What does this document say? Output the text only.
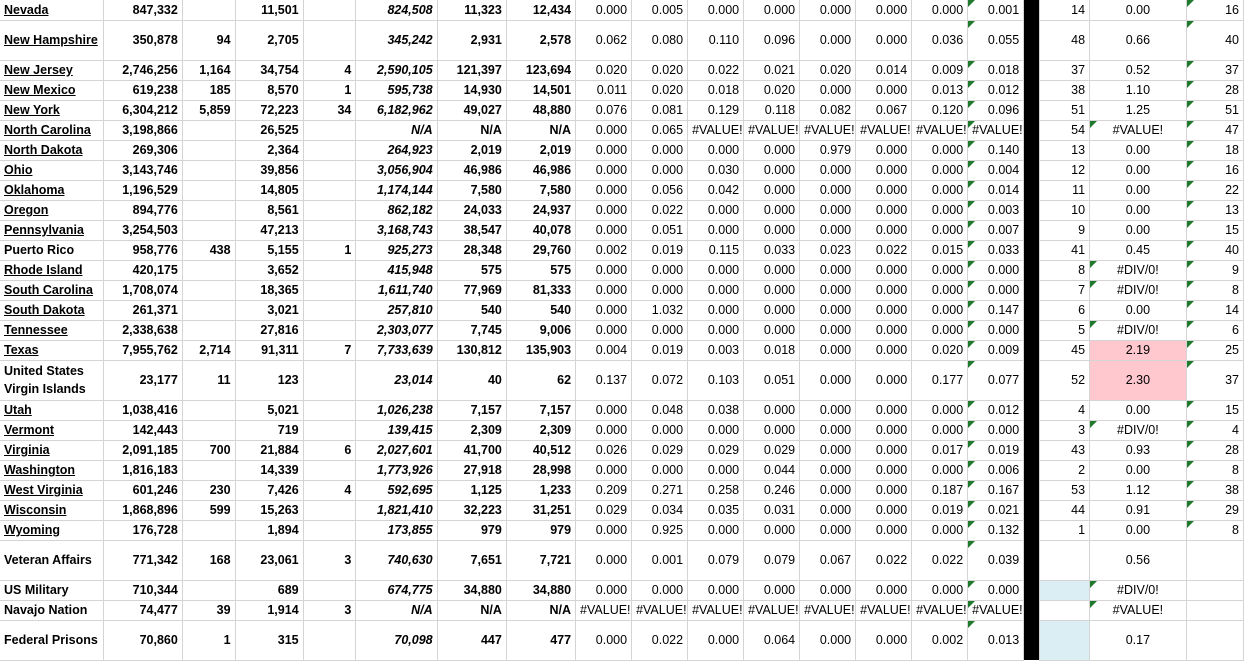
Nevada	847,332		11,501		824,508	11,323	12,434	0.000	0.005	0.000	0.000	0.000	0.000	0.000	0.001		14	0.00	16
New Hampshire	350,878	94	2,705		345,242	2,931	2,578	0.062	0.080	0.110	0.096	0.000	0.000	0.036	0.055		48	0.66	40
New Jersey	2,746,256	1,164	34,754	4	2,590,105	121,397	123,694	0.020	0.020	0.022	0.021	0.020	0.014	0.009	0.018		37	0.52	37
New Mexico	619,238	185	8,570	1	595,738	14,930	14,501	0.011	0.020	0.018	0.020	0.000	0.000	0.013	0.012		38	1.10	28
New York	6,304,212	5,859	72,223	34	6,182,962	49,027	48,880	0.076	0.081	0.129	0.118	0.082	0.067	0.120	0.096		51	1.25	51
North Carolina	3,198,866		26,525		N/A	N/A	N/A	0.000	0.065	#VALUE!	#VALUE!	#VALUE!	#VALUE!	#VALUE!	#VALUE!		54	#VALUE!	47
North Dakota	269,306		2,364		264,923	2,019	2,019	0.000	0.000	0.000	0.000	0.979	0.000	0.000	0.140		13	0.00	18
Ohio	3,143,746		39,856		3,056,904	46,986	46,986	0.000	0.000	0.030	0.000	0.000	0.000	0.000	0.004		12	0.00	16
Oklahoma	1,196,529		14,805		1,174,144	7,580	7,580	0.000	0.056	0.042	0.000	0.000	0.000	0.000	0.014		11	0.00	22
Oregon	894,776		8,561		862,182	24,033	24,937	0.000	0.022	0.000	0.000	0.000	0.000	0.000	0.003		10	0.00	13
Pennsylvania	3,254,503		47,213		3,168,743	38,547	40,078	0.000	0.051	0.000	0.000	0.000	0.000	0.000	0.007		9	0.00	15
Puerto Rico	958,776	438	5,155	1	925,273	28,348	29,760	0.002	0.019	0.115	0.033	0.023	0.022	0.015	0.033		41	0.45	40
Rhode Island	420,175		3,652		415,948	575	575	0.000	0.000	0.000	0.000	0.000	0.000	0.000	0.000		8	#DIV/0!	9
South Carolina	1,708,074		18,365		1,611,740	77,969	81,333	0.000	0.000	0.000	0.000	0.000	0.000	0.000	0.000		7	#DIV/0!	8
South Dakota	261,371		3,021		257,810	540	540	0.000	1.032	0.000	0.000	0.000	0.000	0.000	0.147		6	0.00	14
Tennessee	2,338,638		27,816		2,303,077	7,745	9,006	0.000	0.000	0.000	0.000	0.000	0.000	0.000	0.000		5	#DIV/0!	6
Texas	7,955,762	2,714	91,311	7	7,733,639	130,812	135,903	0.004	0.019	0.003	0.018	0.000	0.000	0.020	0.009		45	2.19	25
United States Virgin Islands	23,177	11	123		23,014	40	62	0.137	0.072	0.103	0.051	0.000	0.000	0.177	0.077		52	2.30	37
Utah	1,038,416		5,021		1,026,238	7,157	7,157	0.000	0.048	0.038	0.000	0.000	0.000	0.000	0.012		4	0.00	15
Vermont	142,443		719		139,415	2,309	2,309	0.000	0.000	0.000	0.000	0.000	0.000	0.000	0.000		3	#DIV/0!	4
Virginia	2,091,185	700	21,884	6	2,027,601	41,700	40,512	0.026	0.029	0.029	0.029	0.000	0.000	0.017	0.019		43	0.93	28
Washington	1,816,183		14,339		1,773,926	27,918	28,998	0.000	0.000	0.000	0.044	0.000	0.000	0.000	0.006		2	0.00	8
West Virginia	601,246	230	7,426	4	592,695	1,125	1,233	0.209	0.271	0.258	0.246	0.000	0.000	0.187	0.167		53	1.12	38
Wisconsin	1,868,896	599	15,263		1,821,410	32,223	31,251	0.029	0.034	0.035	0.031	0.000	0.000	0.019	0.021		44	0.91	29
Wyoming	176,728		1,894		173,855	979	979	0.000	0.925	0.000	0.000	0.000	0.000	0.000	0.132		1	0.00	8
Veteran Affairs	771,342	168	23,061	3	740,630	7,651	7,721	0.000	0.001	0.079	0.079	0.067	0.022	0.022	0.039			0.56	
US Military	710,344		689		674,775	34,880	34,880	0.000	0.000	0.000	0.000	0.000	0.000	0.000	0.000			#DIV/0!	
Navajo Nation	74,477	39	1,914	3	N/A	N/A	N/A	#VALUE!	#VALUE!	#VALUE!	#VALUE!	#VALUE!	#VALUE!	#VALUE!	#VALUE!			#VALUE!	
Federal Prisons	70,860	1	315		70,098	447	477	0.000	0.022	0.000	0.064	0.000	0.000	0.002	0.013			0.17	
